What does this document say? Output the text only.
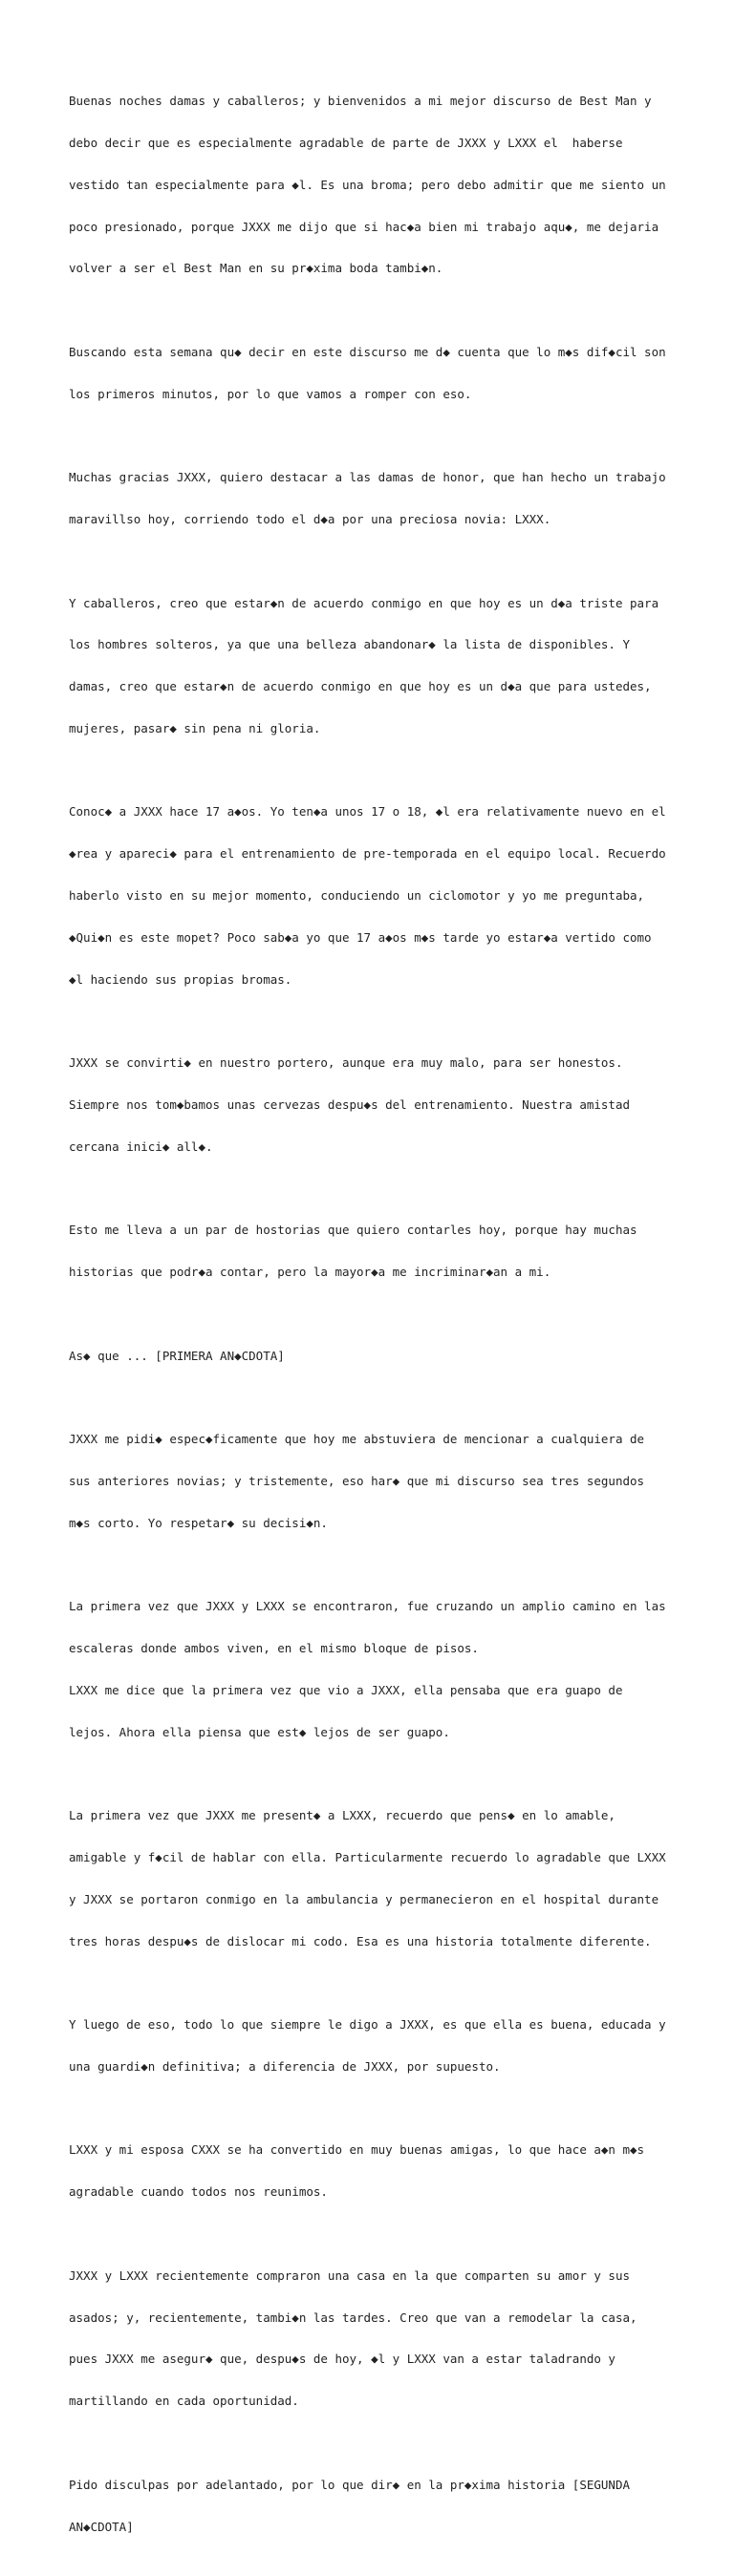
Buenas noches damas y caballeros; y bienvenidos a mi mejor discurso de Best Man y

debo decir que es especialmente agradable de parte de JXXX y LXXX el  haberse

vestido tan especialmente para ◆l. Es una broma; pero debo admitir que me siento un

poco presionado, porque JXXX me dijo que si hac◆a bien mi trabajo aqu◆, me dejaria

volver a ser el Best Man en su pr◆xima boda tambi◆n.

Buscando esta semana qu◆ decir en este discurso me d◆ cuenta que lo m◆s dif◆cil son

los primeros minutos, por lo que vamos a romper con eso.

Muchas gracias JXXX, quiero destacar a las damas de honor, que han hecho un trabajo

maravillso hoy, corriendo todo el d◆a por una preciosa novia: LXXX.

Y caballeros, creo que estar◆n de acuerdo conmigo en que hoy es un d◆a triste para

los hombres solteros, ya que una belleza abandonar◆ la lista de disponibles. Y

damas, creo que estar◆n de acuerdo conmigo en que hoy es un d◆a que para ustedes,

mujeres, pasar◆ sin pena ni gloria.

Conoc◆ a JXXX hace 17 a◆os. Yo ten◆a unos 17 o 18, ◆l era relativamente nuevo en el

◆rea y apareci◆ para el entrenamiento de pre-temporada en el equipo local. Recuerdo

haberlo visto en su mejor momento, conduciendo un ciclomotor y yo me preguntaba,

◆Qui◆n es este mopet? Poco sab◆a yo que 17 a◆os m◆s tarde yo estar◆a vertido como

◆l haciendo sus propias bromas.

JXXX se convirti◆ en nuestro portero, aunque era muy malo, para ser honestos.

Siempre nos tom◆bamos unas cervezas despu◆s del entrenamiento. Nuestra amistad

cercana inici◆ all◆.

Esto me lleva a un par de hostorias que quiero contarles hoy, porque hay muchas

historias que podr◆a contar, pero la mayor◆a me incriminar◆an a mi.

As◆ que ... [PRIMERA AN◆CDOTA]

JXXX me pidi◆ espec◆ficamente que hoy me abstuviera de mencionar a cualquiera de

sus anteriores novias; y tristemente, eso har◆ que mi discurso sea tres segundos

m◆s corto. Yo respetar◆ su decisi◆n.

La primera vez que JXXX y LXXX se encontraron, fue cruzando un amplio camino en las

escaleras donde ambos viven, en el mismo bloque de pisos.

LXXX me dice que la primera vez que vio a JXXX, ella pensaba que era guapo de

lejos. Ahora ella piensa que est◆ lejos de ser guapo.

La primera vez que JXXX me present◆ a LXXX, recuerdo que pens◆ en lo amable,

amigable y f◆cil de hablar con ella. Particularmente recuerdo lo agradable que LXXX

y JXXX se portaron conmigo en la ambulancia y permanecieron en el hospital durante

tres horas despu◆s de dislocar mi codo. Esa es una historia totalmente diferente.

Y luego de eso, todo lo que siempre le digo a JXXX, es que ella es buena, educada y

una guardi◆n definitiva; a diferencia de JXXX, por supuesto.

LXXX y mi esposa CXXX se ha convertido en muy buenas amigas, lo que hace a◆n m◆s

agradable cuando todos nos reunimos.

JXXX y LXXX recientemente compraron una casa en la que comparten su amor y sus

asados; y, recientemente, tambi◆n las tardes. Creo que van a remodelar la casa,

pues JXXX me asegur◆ que, despu◆s de hoy, ◆l y LXXX van a estar taladrando y

martillando en cada oportunidad.

Pido disculpas por adelantado, por lo que dir◆ en la pr◆xima historia [SEGUNDA

AN◆CDOTA]
